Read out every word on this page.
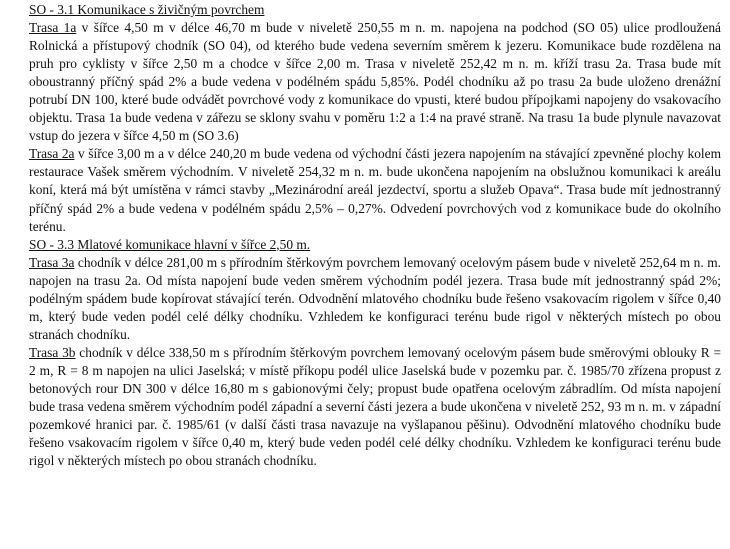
SO - 3.1 Komunikace s živičným povrchem

Trasa 1a v šířce 4,50 m v délce 46,70 m bude v niveletě 250,55 m n. m. napojena na podchod (SO 05) ulice prodloužená Rolnická a přístupový chodník (SO 04), od kterého bude vedena severním směrem k jezeru. Komunikace bude rozdělena na pruh pro cyklisty v šířce 2,50 m a chodce v šířce 2,00 m. Trasa v niveletě 252,42 m n. m. kříží trasu 2a. Trasa bude mít oboustranný příčný spád 2% a bude vedena v podélném spádu 5,85%. Podél chodníku až po trasu 2a bude uloženo drenážní potrubí DN 100, které bude odvádět povrchové vody z komunikace do vpusti, které budou přípojkami napojeny do vsakovacího objektu. Trasa 1a bude vedena v zářezu se sklony svahu v poměru 1:2 a 1:4 na pravé straně. Na trasu 1a bude plynule navazovat vstup do jezera v šířce 4,50 m (SO 3.6)

Trasa 2a v šířce 3,00 m a v délce 240,20 m bude vedena od východní části jezera napojením na stávající zpevněné plochy kolem restaurace Vašek směrem východním. V niveletě 254,32 m n. m. bude ukončena napojením na obslužnou komunikaci k areálu koní, která má být umístěna v rámci stavby „Mezinárodní areál jezdectví, sportu a služeb Opava“. Trasa bude mít jednostranný příčný spád 2% a bude vedena v podélném spádu 2,5% – 0,27%. Odvedení povrchových vod z komunikace bude do okolního terénu.

SO - 3.3 Mlatové komunikace hlavní v šířce 2,50 m.

Trasa 3a chodník v délce 281,00 m s přírodním štěrkovým povrchem lemovaný ocelovým pásem bude v niveletě 252,64 m n. m. napojen na trasu 2a. Od místa napojení bude veden směrem východním podél jezera. Trasa bude mít jednostranný spád 2%; podélným spádem bude kopírovat stávající terén. Odvodnění mlatového chodníku bude řešeno vsakovacím rigolem v šířce 0,40 m, který bude veden podél celé délky chodníku. Vzhledem ke konfiguraci terénu bude rigol v některých místech po obou stranách chodníku.

Trasa 3b chodník v délce 338,50 m s přírodním štěrkovým povrchem lemovaný ocelovým pásem bude směrovými oblouky R = 2 m, R = 8 m napojen na ulici Jaselská; v místě příkopu podél ulice Jaselská bude v pozemku par. č. 1985/70 zřízena propust z betonových rour DN 300 v délce 16,80 m s gabionovými čely; propust bude opatřena ocelovým zábradlím. Od místa napojení bude trasa vedena směrem východním podél západní a severní části jezera a bude ukončena v niveletě 252, 93 m n. m. v západní pozemkové hranici par. č. 1985/61 (v další části trasa navazuje na vyšlapanou pěšinu). Odvodnění mlatového chodníku bude řešeno vsakovacím rigolem v šířce 0,40 m, který bude veden podél celé délky chodníku. Vzhledem ke konfiguraci terénu bude rigol v některých místech po obou stranách chodníku.
